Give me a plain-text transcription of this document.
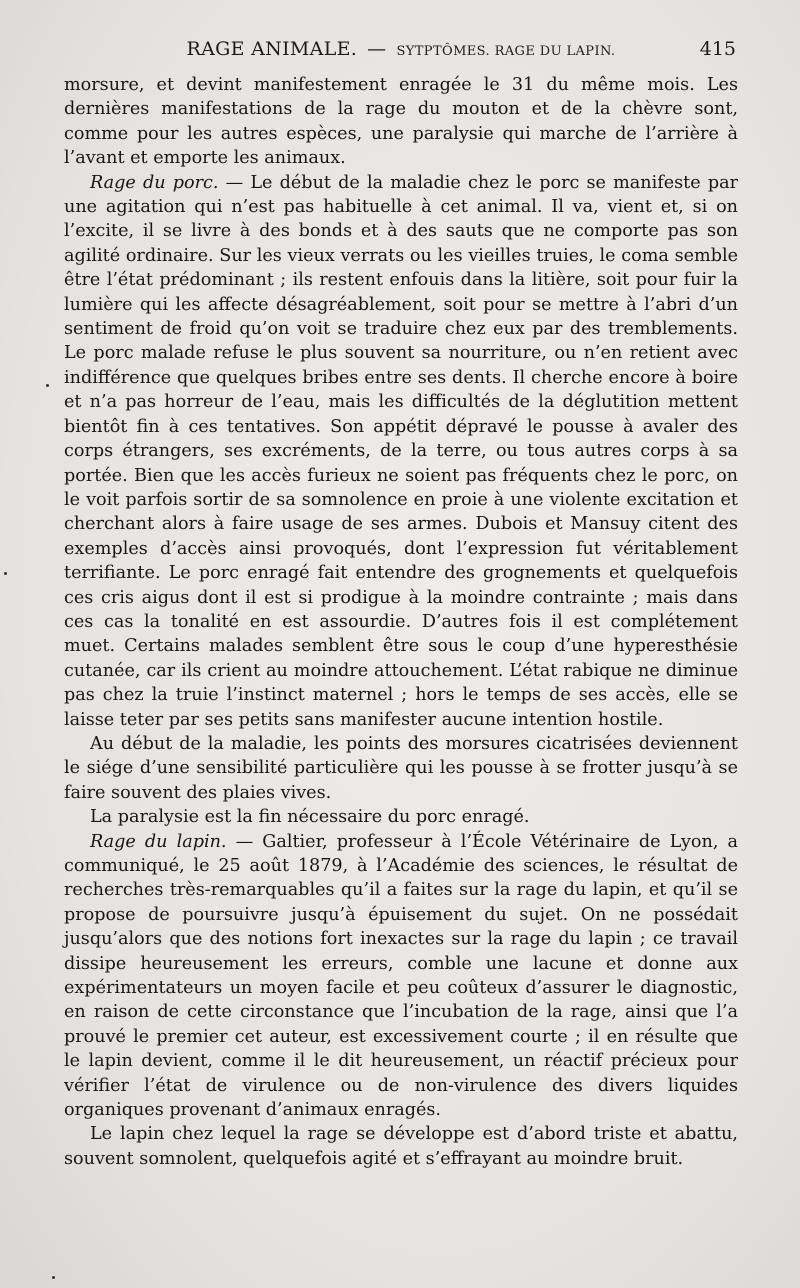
RAGE ANIMALE. — SYTPTÔMES. RAGE DU LAPIN.	415

morsure, et devint manifestement enragée le 31 du même mois. Les dernières manifestations de la rage du mouton et de la chèvre sont, comme pour les autres espèces, une paralysie qui marche de l’arrière à l’avant et emporte les animaux.

Rage du porc. — Le début de la maladie chez le porc se manifeste par une agitation qui n’est pas habituelle à cet animal. Il va, vient et, si on l’excite, il se livre à des bonds et à des sauts que ne comporte pas son agilité ordinaire. Sur les vieux verrats ou les vieilles truies, le coma semble être l’état prédominant ; ils restent enfouis dans la litière, soit pour fuir la lumière qui les affecte désagréablement, soit pour se mettre à l’abri d’un sentiment de froid qu’on voit se traduire chez eux par des tremblements. Le porc malade refuse le plus souvent sa nourriture, ou n’en retient avec indifférence que quelques bribes entre ses dents. Il cherche encore à boire et n’a pas horreur de l’eau, mais les difficultés de la déglutition mettent bientôt fin à ces tentatives. Son appétit dépravé le pousse à avaler des corps étrangers, ses excréments, de la terre, ou tous autres corps à sa portée. Bien que les accès furieux ne soient pas fréquents chez le porc, on le voit parfois sortir de sa somnolence en proie à une violente excitation et cherchant alors à faire usage de ses armes. Dubois et Mansuy citent des exemples d’accès ainsi provoqués, dont l’expression fut véritablement terrifiante. Le porc enragé fait entendre des grognements et quelquefois ces cris aigus dont il est si prodigue à la moindre contrainte ; mais dans ces cas la tonalité en est assourdie. D’autres fois il est complétement muet. Certains malades semblent être sous le coup d’une hyperesthésie cutanée, car ils crient au moindre attouchement. L’état rabique ne diminue pas chez la truie l’instinct maternel ; hors le temps de ses accès, elle se laisse teter par ses petits sans manifester aucune intention hostile.

Au début de la maladie, les points des morsures cicatrisées deviennent le siége d’une sensibilité particulière qui les pousse à se frotter jusqu’à se faire souvent des plaies vives.

La paralysie est la fin nécessaire du porc enragé.

Rage du lapin. — Galtier, professeur à l’École Vétérinaire de Lyon, a communiqué, le 25 août 1879, à l’Académie des sciences, le résultat de recherches très-remarquables qu’il a faites sur la rage du lapin, et qu’il se propose de poursuivre jusqu’à épuisement du sujet. On ne possédait jusqu’alors que des notions fort inexactes sur la rage du lapin ; ce travail dissipe heureusement les erreurs, comble une lacune et donne aux expérimentateurs un moyen facile et peu coûteux d’assurer le diagnostic, en raison de cette circonstance que l’incubation de la rage, ainsi que l’a prouvé le premier cet auteur, est excessivement courte ; il en résulte que le lapin devient, comme il le dit heureusement, un réactif précieux pour vérifier l’état de virulence ou de non-virulence des divers liquides organiques provenant d’animaux enragés.

Le lapin chez lequel la rage se développe est d’abord triste et abattu, souvent somnolent, quelquefois agité et s’effrayant au moindre bruit.
